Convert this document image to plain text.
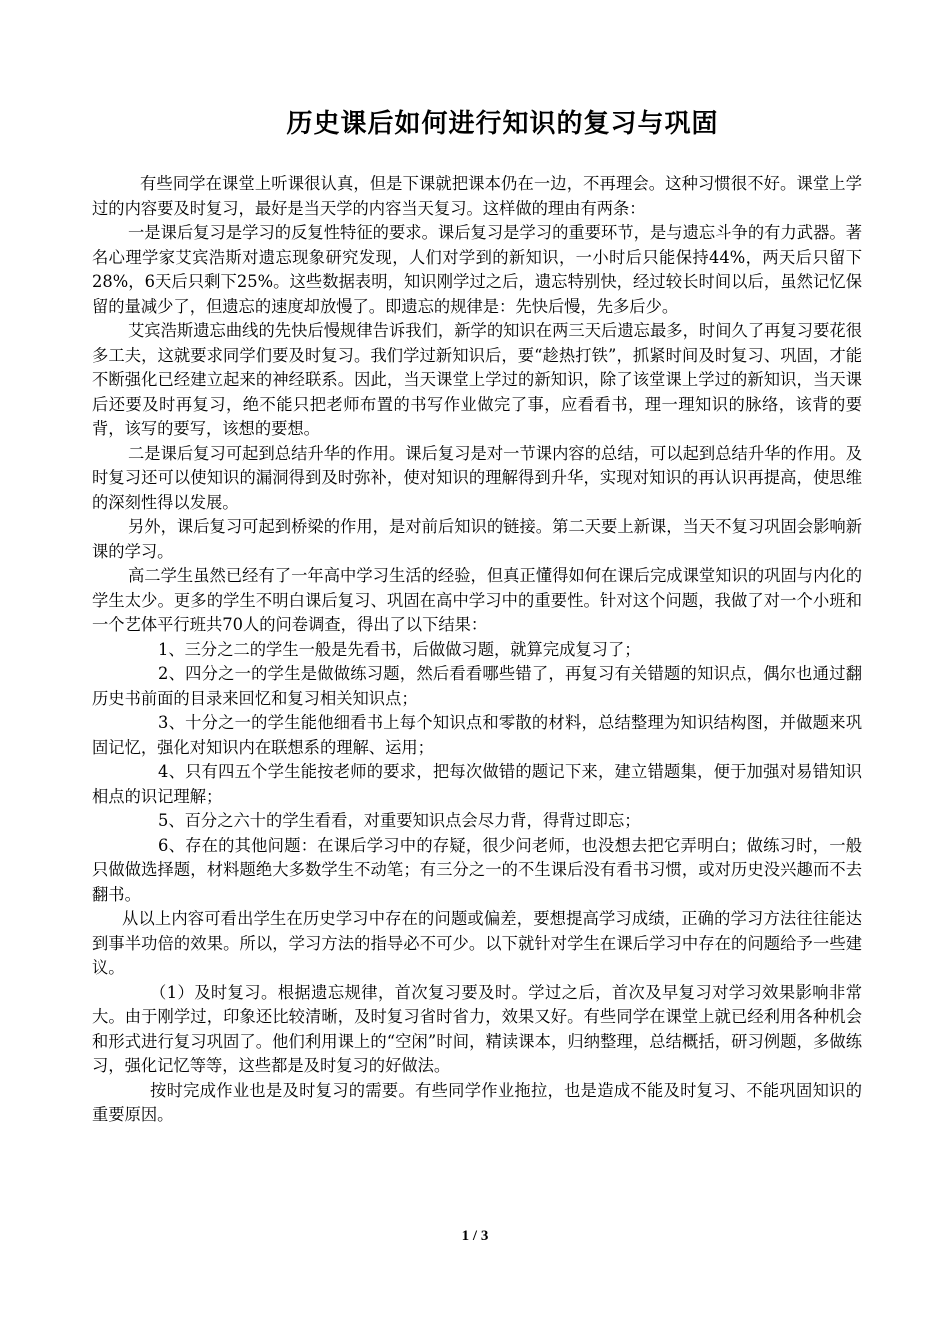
历史课后如何进行知识的复习与巩固

有些同学在课堂上听课很认真，但是下课就把课本仍在一边，不再理会。这种习惯很不好。课堂上学过的内容要及时复习，最好是当天学的内容当天复习。这样做的理由有两条：

一是课后复习是学习的反复性特征的要求。课后复习是学习的重要环节，是与遗忘斗争的有力武器。著名心理学家艾宾浩斯对遗忘现象研究发现，人们对学到的新知识，一小时后只能保持44%，两天后只留下28%，6天后只剩下25%。这些数据表明，知识刚学过之后，遗忘特别快，经过较长时间以后，虽然记忆保留的量减少了，但遗忘的速度却放慢了。即遗忘的规律是：先快后慢，先多后少。

艾宾浩斯遗忘曲线的先快后慢规律告诉我们，新学的知识在两三天后遗忘最多，时间久了再复习要花很多工夫，这就要求同学们要及时复习。我们学过新知识后，要“趁热打铁”，抓紧时间及时复习、巩固，才能不断强化已经建立起来的神经联系。因此，当天课堂上学过的新知识，除了该堂课上学过的新知识，当天课后还要及时再复习，绝不能只把老师布置的书写作业做完了事，应看看书，理一理知识的脉络，该背的要背，该写的要写，该想的要想。

二是课后复习可起到总结升华的作用。课后复习是对一节课内容的总结，可以起到总结升华的作用。及时复习还可以使知识的漏洞得到及时弥补，使对知识的理解得到升华，实现对知识的再认识再提高，使思维的深刻性得以发展。

另外，课后复习可起到桥梁的作用，是对前后知识的链接。第二天要上新课，当天不复习巩固会影响新课的学习。

高二学生虽然已经有了一年高中学习生活的经验，但真正懂得如何在课后完成课堂知识的巩固与内化的学生太少。更多的学生不明白课后复习、巩固在高中学习中的重要性。针对这个问题，我做了对一个小班和一个艺体平行班共70人的问卷调查，得出了以下结果：

1、三分之二的学生一般是先看书，后做做习题，就算完成复习了；

2、四分之一的学生是做做练习题，然后看看哪些错了，再复习有关错题的知识点，偶尔也通过翻历史书前面的目录来回忆和复习相关知识点；

3、十分之一的学生能他细看书上每个知识点和零散的材料，总结整理为知识结构图，并做题来巩固记忆，强化对知识内在联想系的理解、运用；

4、只有四五个学生能按老师的要求，把每次做错的题记下来，建立错题集，便于加强对易错知识相点的识记理解；

5、百分之六十的学生看看，对重要知识点会尽力背，得背过即忘；

6、存在的其他问题：在课后学习中的存疑，很少问老师，也没想去把它弄明白；做练习时，一般只做做选择题，材料题绝大多数学生不动笔；有三分之一的不生课后没有看书习惯，或对历史没兴趣而不去翻书。

从以上内容可看出学生在历史学习中存在的问题或偏差，要想提高学习成绩，正确的学习方法往往能达到事半功倍的效果。所以，学习方法的指导必不可少。以下就针对学生在课后学习中存在的问题给予一些建议。

（1）及时复习。根据遗忘规律，首次复习要及时。学过之后，首次及早复习对学习效果影响非常大。由于刚学过，印象还比较清晰，及时复习省时省力，效果又好。有些同学在课堂上就已经利用各种机会和形式进行复习巩固了。他们利用课上的“空闲”时间，精读课本，归纳整理，总结概括，研习例题，多做练习，强化记忆等等，这些都是及时复习的好做法。

按时完成作业也是及时复习的需要。有些同学作业拖拉，也是造成不能及时复习、不能巩固知识的重要原因。

1 / 3
